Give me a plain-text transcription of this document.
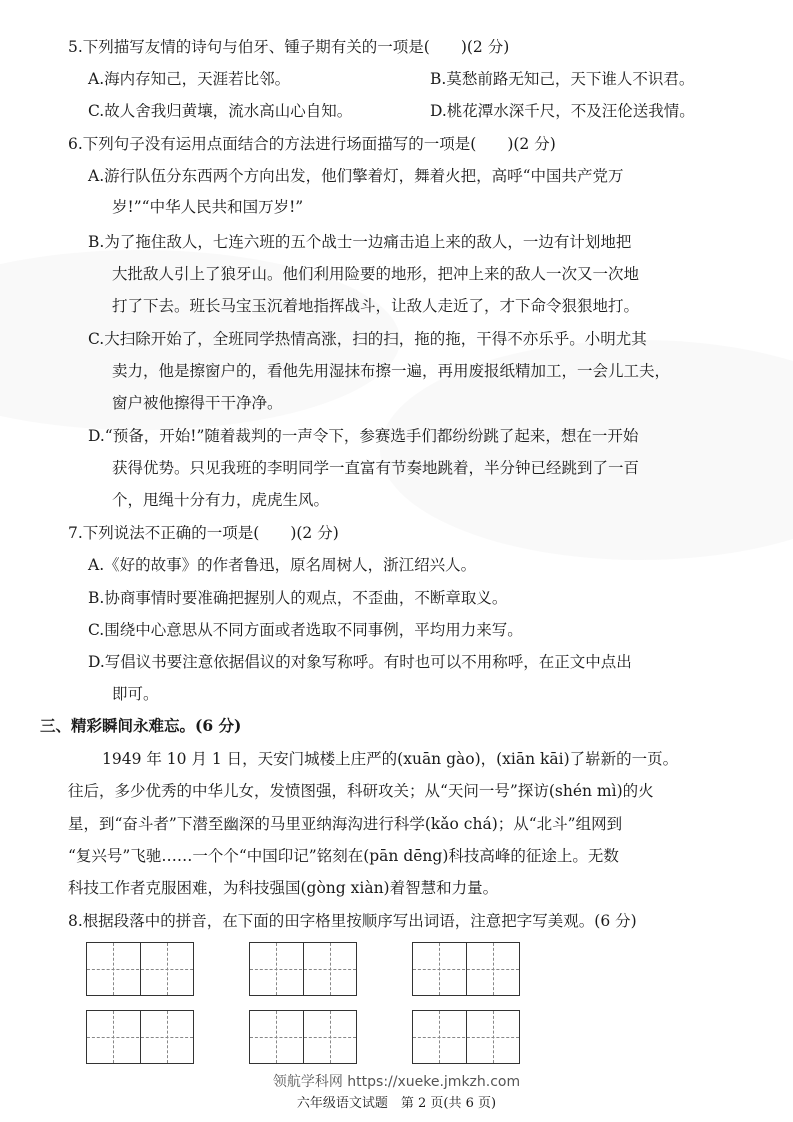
5.下列描写友情的诗句与伯牙、锺子期有关的一项是(　　)(2 分)
A.海内存知己，天涯若比邻。	B.莫愁前路无知己，天下谁人不识君。
C.故人舍我归黄壤，流水高山心自知。	D.桃花潭水深千尺，不及汪伦送我情。
6.下列句子没有运用点面结合的方法进行场面描写的一项是(　　)(2 分)
A.游行队伍分东西两个方向出发，他们擎着灯，舞着火把，高呼“中国共产党万
岁!”“中华人民共和国万岁!”
B.为了拖住敌人，七连六班的五个战士一边痛击追上来的敌人，一边有计划地把
大批敌人引上了狼牙山。他们利用险要的地形，把冲上来的敌人一次又一次地
打了下去。班长马宝玉沉着地指挥战斗，让敌人走近了，才下命令狠狠地打。
C.大扫除开始了，全班同学热情高涨，扫的扫，拖的拖，干得不亦乐乎。小明尤其
卖力，他是擦窗户的，看他先用湿抹布擦一遍，再用废报纸精加工，一会儿工夫，
窗户被他擦得干干净净。
D.“预备，开始!”随着裁判的一声令下，参赛选手们都纷纷跳了起来，想在一开始
获得优势。只见我班的李明同学一直富有节奏地跳着，半分钟已经跳到了一百
个，甩绳十分有力，虎虎生风。
7.下列说法不正确的一项是(　　)(2 分)
A.《好的故事》的作者鲁迅，原名周树人，浙江绍兴人。
B.协商事情时要准确把握别人的观点，不歪曲，不断章取义。
C.围绕中心意思从不同方面或者选取不同事例，平均用力来写。
D.写倡议书要注意依据倡议的对象写称呼。有时也可以不用称呼，在正文中点出
即可。
三、精彩瞬间永难忘。(6 分)
1949 年 10 月 1 日，天安门城楼上庄严的(xuān gào)，(xiān kāi)了崭新的一页。
往后，多少优秀的中华儿女，发愤图强，科研攻关；从“天问一号”探访(shén mì)的火
星，到“奋斗者”下潜至幽深的马里亚纳海沟进行科学(kǎo chá)；从“北斗”组网到
“复兴号”飞驰……一个个“中国印记”铭刻在(pān dēng)科技高峰的征途上。无数
科技工作者克服困难，为科技强国(gòng xiàn)着智慧和力量。
8.根据段落中的拼音，在下面的田字格里按顺序写出词语，注意把字写美观。(6 分)
领航学科网 https://xueke.jmkzh.com
六年级语文试题　第 2 页(共 6 页)
